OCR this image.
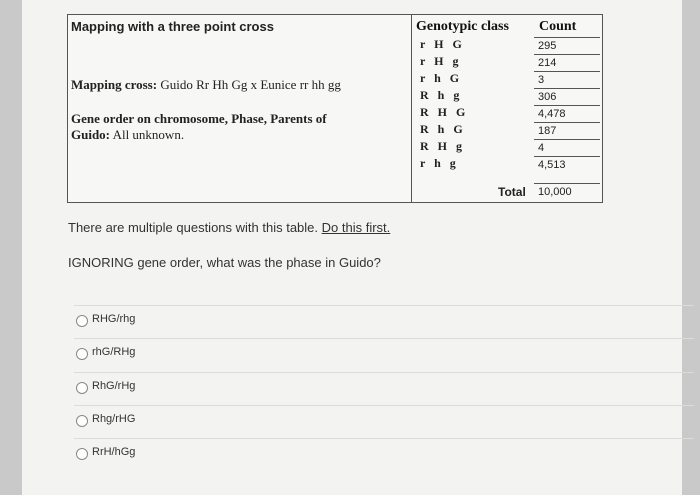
Mapping with a three point cross
Mapping cross: Guido Rr Hh Gg x Eunice rr hh gg
Gene order on chromosome, Phase, Parents of
Guido: All unknown.
Genotypic class
r H G
r H g
r h G
R h g
R H G
R h G
R H g
r h g
Count
295
214
3
306
4,478
187
4
4,513
10,000
Total
There are multiple questions with this table. Do this first.
IGNORING gene order, what was the phase in Guido?
RHG/rhg
rhG/RHg
RhG/rHg
Rhg/rHG
RrH/hGg
